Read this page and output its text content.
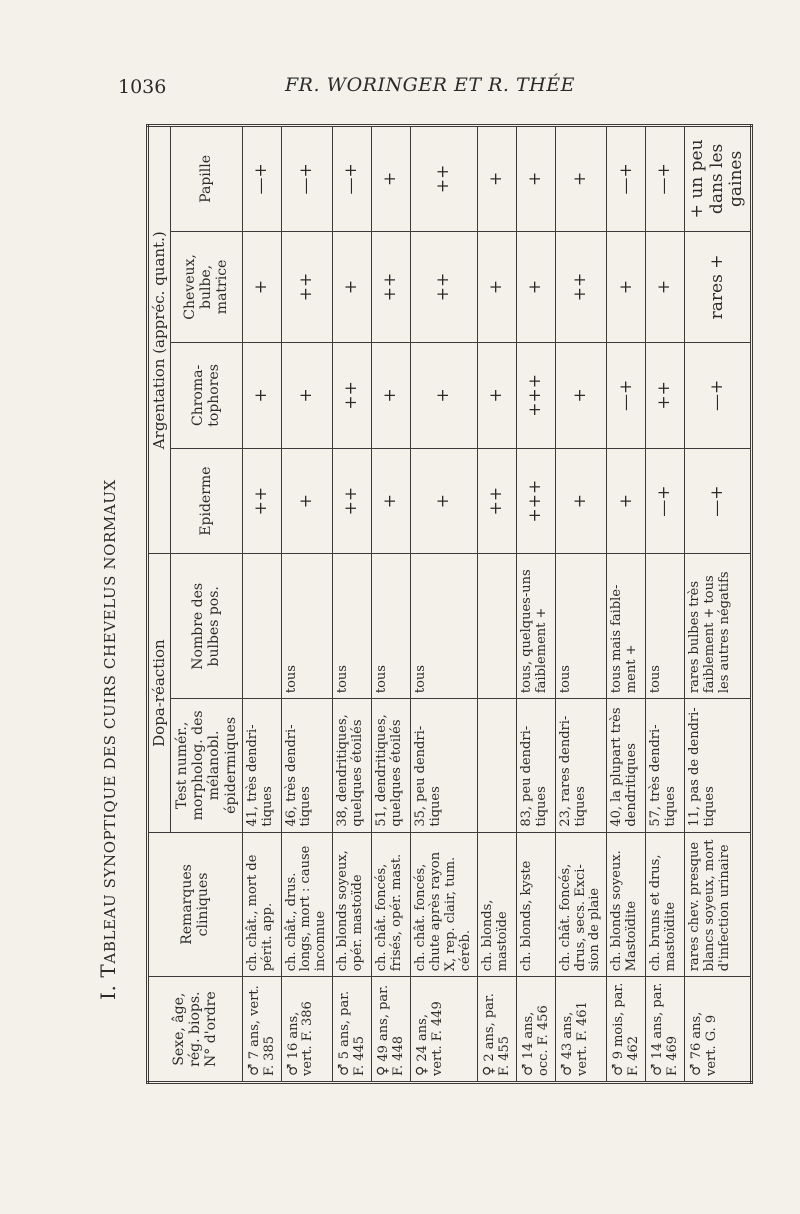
1036	FR. WORINGER ET R. THÉE
I. TABLEAU SYNOPTIQUE DES CUIRS CHEVELUS NORMAUX
Sexe, âge, rég. biops. N° d'ordre	Remarques cliniques	Dopa-réaction		Argentation (appréc. quant.)			
		Test numér., morpholog. des mélanobl. épidermiques	Nombre des bulbes pos.	Epiderme	Chroma-tophores	Cheveux, bulbe, matrice	Papille
♂ 7 ans, vert. F. 385	ch. chât., mort de périt. app.	41, très dendri-tiques		++	+	+	—+
♂ 16 ans, vert. F. 386	ch. chât., drus. longs, mort : cause inconnue	46, très dendri-tiques	tous	+	+	++	—+
♂ 5 ans, par. F. 445	ch. blonds soyeux, opér. mastoïde	38, dendritiques, quelques étoilés	tous	++	++	+	—+
♀ 49 ans, par. F. 448	ch. chât. foncés, frisés, opér. mast.	51, dendritiques, quelques étoilés	tous	+	+	++	+
♀ 24 ans, vert. F. 449	ch. chât. foncés, chute après rayon X, rep. clair, tum. céréb.	35, peu dendri-tiques	tous	+	+	++	++
♀ 2 ans, par. F. 455	ch. blonds, mastoïde			++	+	+	+
♂ 14 ans, occ. F. 456	ch. blonds, kyste	83, peu dendri-tiques	tous, quelques-uns faiblement +	+++	+++	+	+
♂ 43 ans, vert. F. 461	ch. chât. foncés, drus, secs. Exci-sion de plaie	23, rares dendri-tiques	tous	+	+	++	+
♂ 9 mois, par. F. 462	ch. blonds soyeux. Mastoïdite	40, la plupart très dendritiques	tous mais faible-ment +	+	—+	+	—+
♂ 14 ans, par. F. 469	ch. bruns et drus, mastoïdite	57, très dendri-tiques	tous	—+	++	+	—+
♂ 76 ans, vert. G. 9	rares chev. presque blancs soyeux, mort d'infection urinaire	11, pas de dendri-tiques	rares bulbes très faiblement + tous les autres négatifs	—+	—+	rares +	+ un peu dans les gaines
